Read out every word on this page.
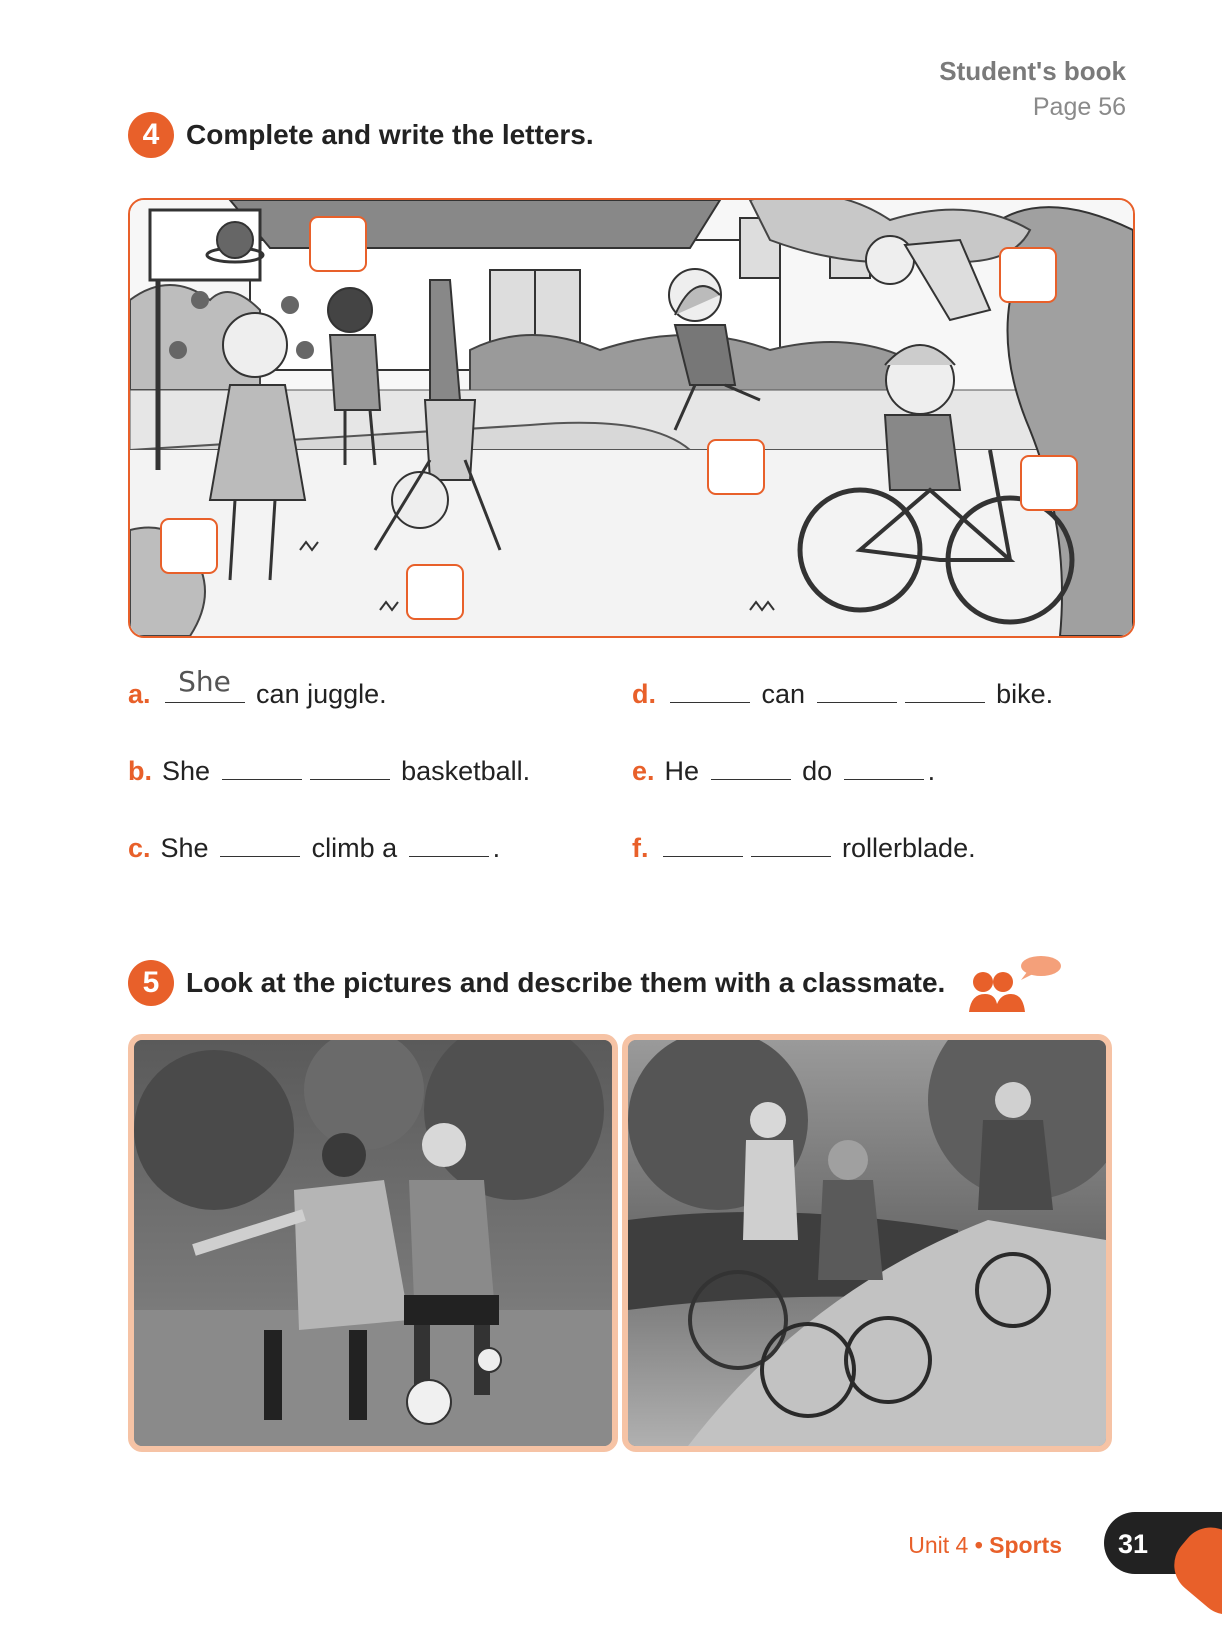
Student's book
Page 56
4 Complete and write the letters.
a. She can juggle.
b. She	basketball.
c. She	climb a	.
d.	can	bike.
e. He	do	.
f.	rollerblade.
5 Look at the pictures and describe them with a classmate.
Unit 4 • Sports 31
